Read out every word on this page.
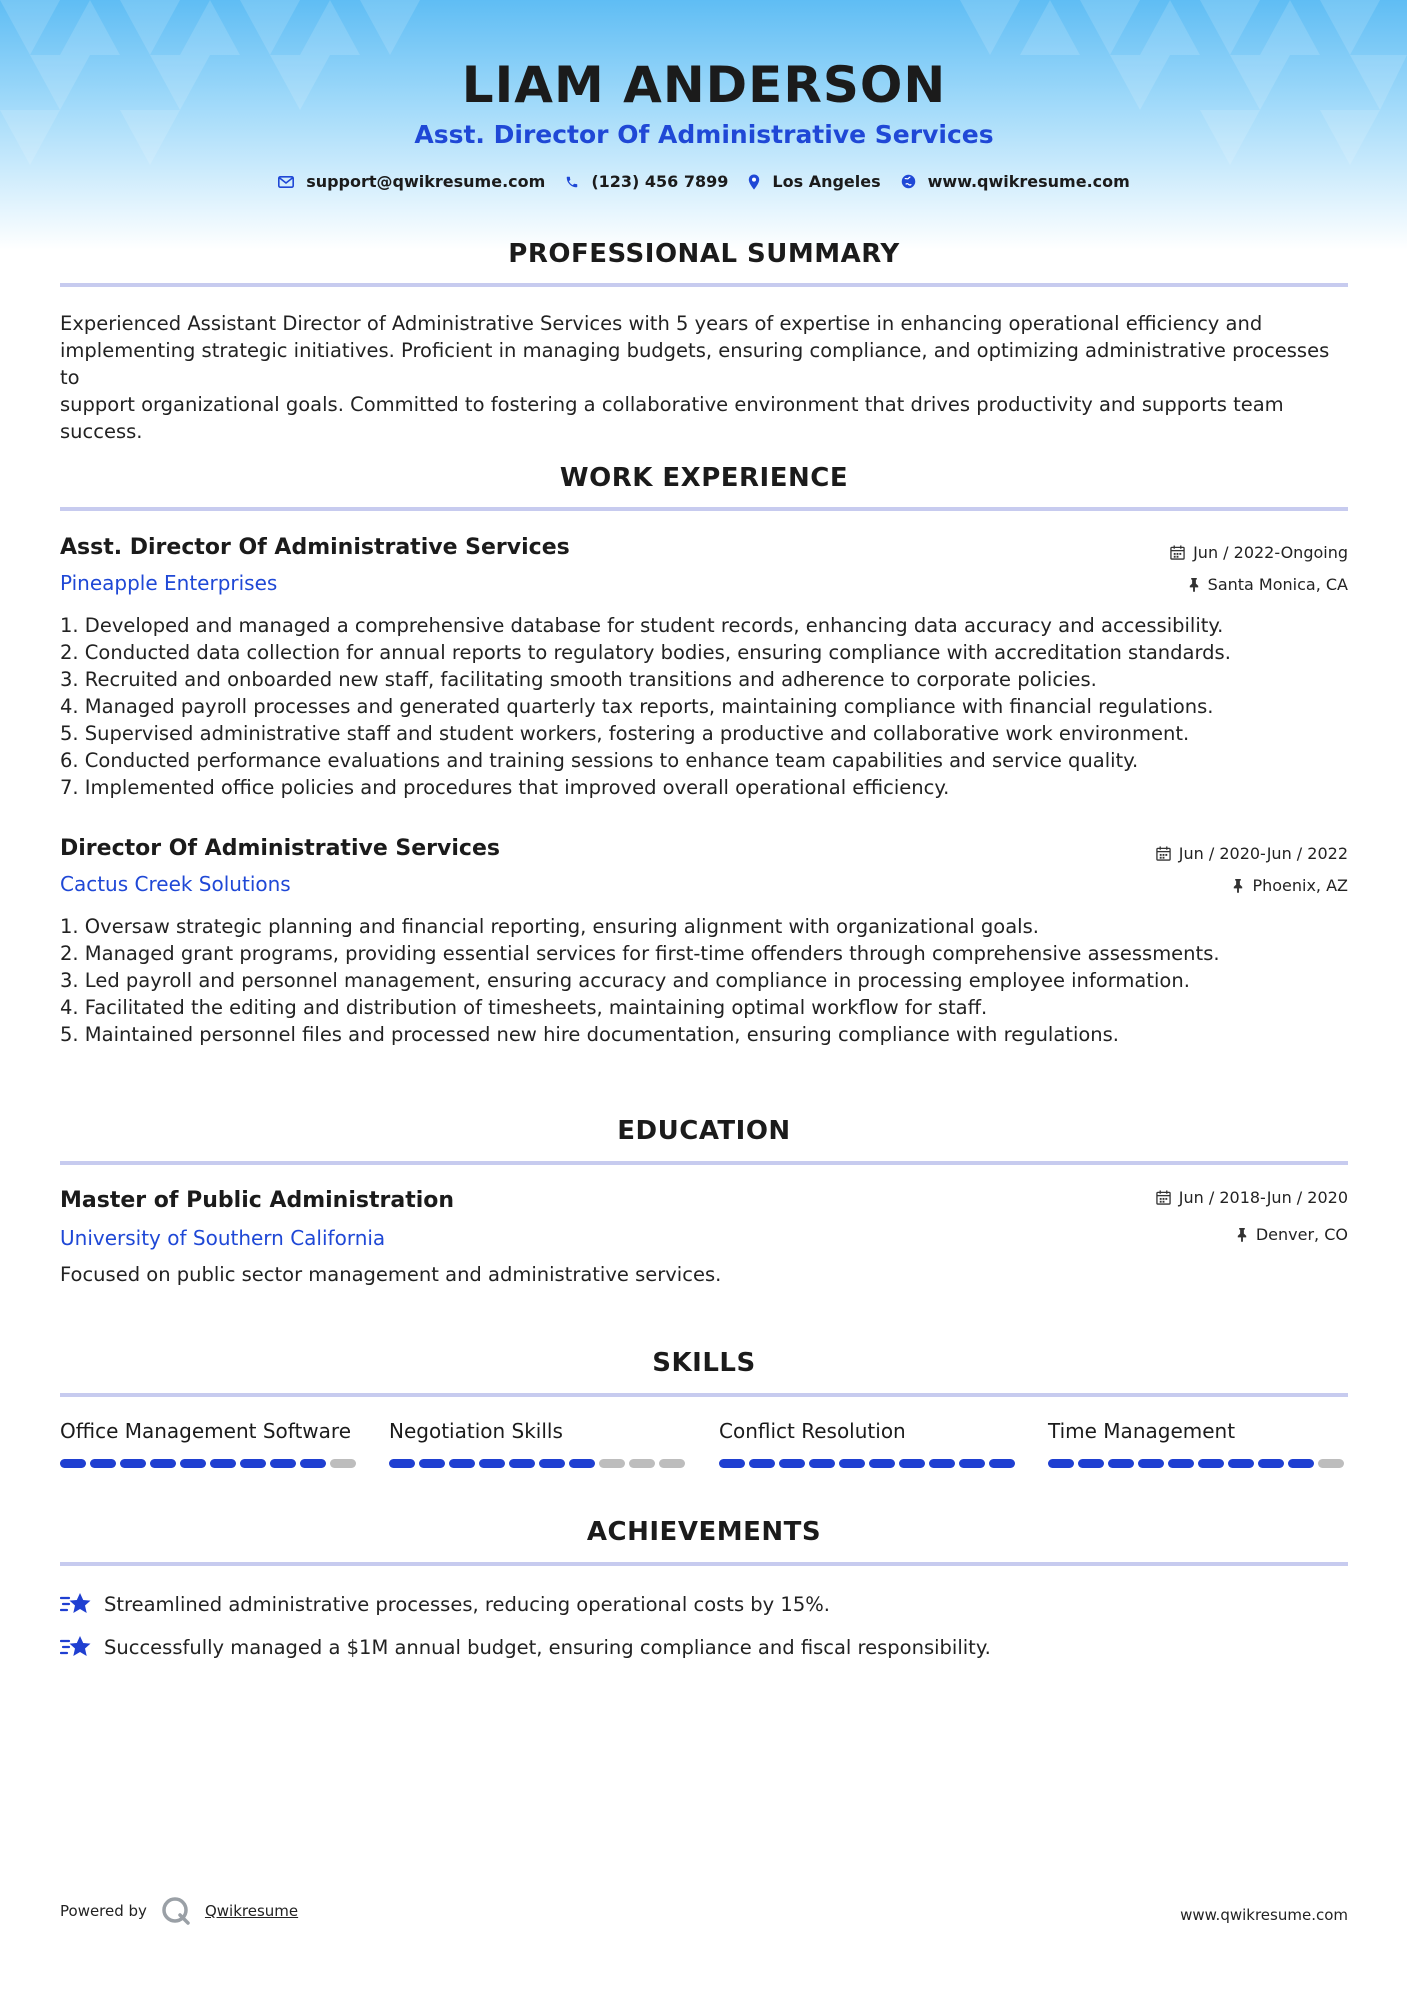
LIAM ANDERSON
Asst. Director Of Administrative Services
support@qwikresume.com	(123) 456 7899	Los Angeles	www.qwikresume.com
PROFESSIONAL SUMMARY
Experienced Assistant Director of Administrative Services with 5 years of expertise in enhancing operational efficiency and
implementing strategic initiatives. Proficient in managing budgets, ensuring compliance, and optimizing administrative processes to
support organizational goals. Committed to fostering a collaborative environment that drives productivity and supports team
success.
WORK EXPERIENCE
Asst. Director Of Administrative Services
Pineapple Enterprises
Jun / 2022-Ongoing
Santa Monica, CA
1. Developed and managed a comprehensive database for student records, enhancing data accuracy and accessibility.
2. Conducted data collection for annual reports to regulatory bodies, ensuring compliance with accreditation standards.
3. Recruited and onboarded new staff, facilitating smooth transitions and adherence to corporate policies.
4. Managed payroll processes and generated quarterly tax reports, maintaining compliance with financial regulations.
5. Supervised administrative staff and student workers, fostering a productive and collaborative work environment.
6. Conducted performance evaluations and training sessions to enhance team capabilities and service quality.
7. Implemented office policies and procedures that improved overall operational efficiency.
Director Of Administrative Services
Cactus Creek Solutions
Jun / 2020-Jun / 2022
Phoenix, AZ
1. Oversaw strategic planning and financial reporting, ensuring alignment with organizational goals.
2. Managed grant programs, providing essential services for first-time offenders through comprehensive assessments.
3. Led payroll and personnel management, ensuring accuracy and compliance in processing employee information.
4. Facilitated the editing and distribution of timesheets, maintaining optimal workflow for staff.
5. Maintained personnel files and processed new hire documentation, ensuring compliance with regulations.
EDUCATION
Master of Public Administration
University of Southern California
Jun / 2018-Jun / 2020
Denver, CO
Focused on public sector management and administrative services.
SKILLS
Office Management Software	Negotiation Skills	Conflict Resolution	Time Management
ACHIEVEMENTS
Streamlined administrative processes, reducing operational costs by 15%.
Successfully managed a $1M annual budget, ensuring compliance and fiscal responsibility.
Powered by	Qwikresume	www.qwikresume.com
